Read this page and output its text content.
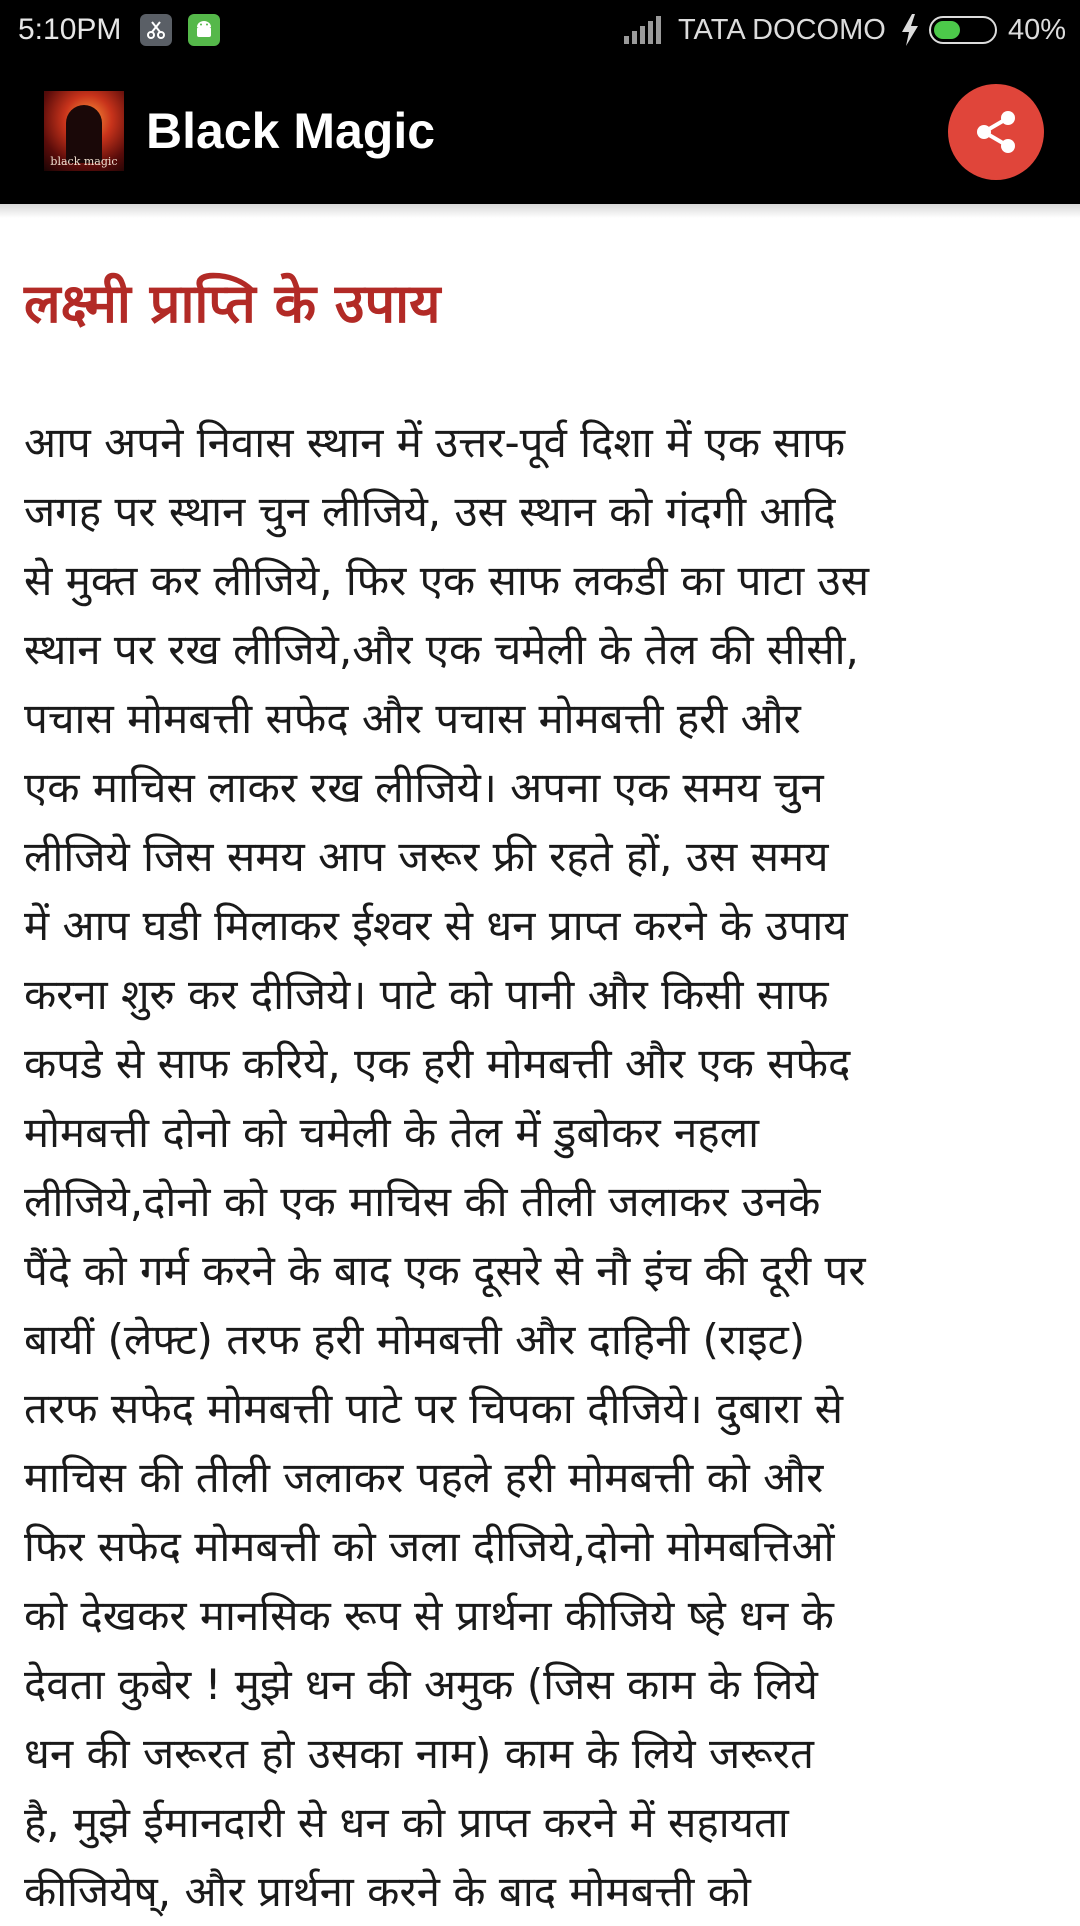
5:10PM	TATA DOCOMO	40%
black magic
Black Magic
लक्ष्मी प्राप्ति के उपाय
आप अपने निवास स्थान में उत्तर-पूर्व दिशा में एक साफ
जगह पर स्थान चुन लीजिये, उस स्थान को गंदगी आदि
से मुक्त कर लीजिये, फिर एक साफ लकडी का पाटा उस
स्थान पर रख लीजिये,और एक चमेली के तेल की सीसी,
पचास मोमबत्ती सफेद और पचास मोमबत्ती हरी और
एक माचिस लाकर रख लीजिये। अपना एक समय चुन
लीजिये जिस समय आप जरूर फ्री रहते हों, उस समय
में आप घडी मिलाकर ईश्वर से धन प्राप्त करने के उपाय
करना शुरु कर दीजिये। पाटे को पानी और किसी साफ
कपडे से साफ करिये, एक हरी मोमबत्ती और एक सफेद
मोमबत्ती दोनो को चमेली के तेल में डुबोकर नहला
लीजिये,दोनो को एक माचिस की तीली जलाकर उनके
पैंदे को गर्म करने के बाद एक दूसरे से नौ इंच की दूरी पर
बायीं (लेफ्ट) तरफ हरी मोमबत्ती और दाहिनी (राइट)
तरफ सफेद मोमबत्ती पाटे पर चिपका दीजिये। दुबारा से
माचिस की तीली जलाकर पहले हरी मोमबत्ती को और
फिर सफेद मोमबत्ती को जला दीजिये,दोनो मोमबत्तिओं
को देखकर मानसिक रूप से प्रार्थना कीजिये ष्हे धन के
देवता कुबेर ! मुझे धन की अमुक (जिस काम के लिये
धन की जरूरत हो उसका नाम) काम के लिये जरूरत
है, मुझे ईमानदारी से धन को प्राप्त करने में सहायता
कीजियेष्, और प्रार्थना करने के बाद मोमबत्ती को
